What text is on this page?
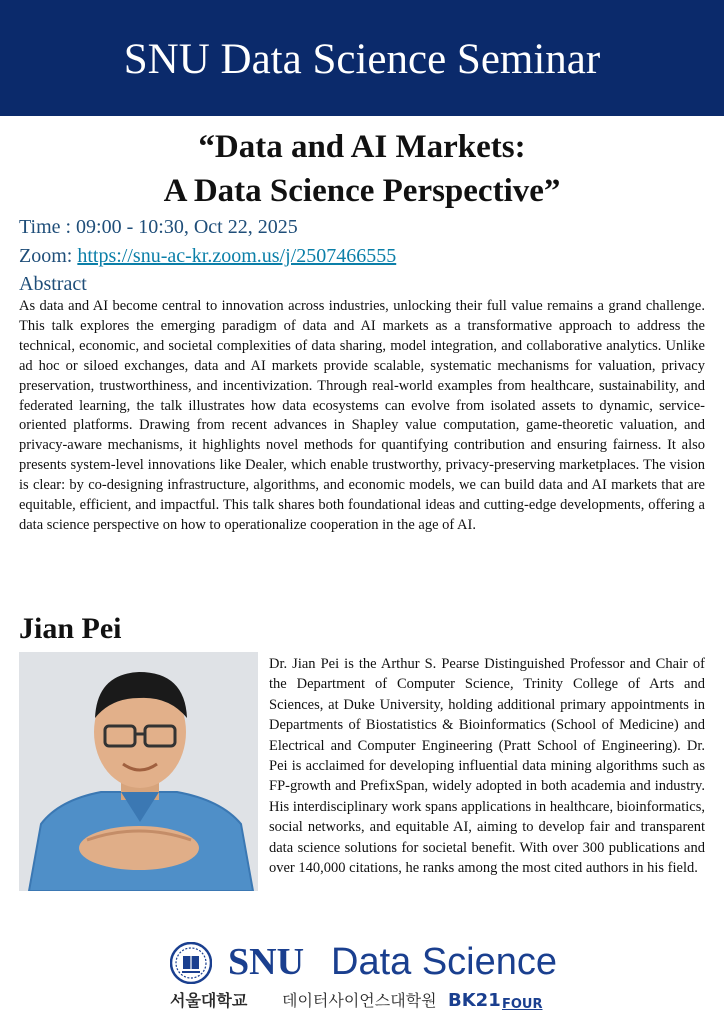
SNU Data Science Seminar
“Data and AI Markets:
A Data Science Perspective”
Time : 09:00 - 10:30, Oct 22, 2025
Zoom: https://snu-ac-kr.zoom.us/j/2507466555
Abstract

As data and AI become central to innovation across industries, unlocking their full value remains a grand challenge. This talk explores the emerging paradigm of data and AI markets as a transformative approach to address the technical, economic, and societal complexities of data sharing, model integration, and collaborative analytics. Unlike ad hoc or siloed exchanges, data and AI markets provide scalable, systematic mechanisms for valuation, privacy preservation, trustworthiness, and incentivization. Through real-world examples from healthcare, sustainability, and federated learning, the talk illustrates how data ecosystems can evolve from isolated assets to dynamic, service-oriented platforms. Drawing from recent advances in Shapley value computation, game-theoretic valuation, and privacy-aware mechanisms, it highlights novel methods for quantifying contribution and ensuring fairness. It also presents system-level innovations like Dealer, which enable trustworthy, privacy-preserving marketplaces. The vision is clear: by co-designing infrastructure, algorithms, and economic models, we can build data and AI markets that are equitable, efficient, and impactful. This talk shares both foundational ideas and cutting-edge developments, offering a data science perspective on how to operationalize cooperation in the age of AI.

Jian Pei

Dr. Jian Pei is the Arthur S. Pearse Distinguished Professor and Chair of the Department of Computer Science, Trinity College of Arts and Sciences, at Duke University, holding additional primary appointments in Departments of Biostatistics & Bioinformatics (School of Medicine) and Electrical and Computer Engineering (Pratt School of Engineering). Dr. Pei is acclaimed for developing influential data mining algorithms such as FP-growth and PrefixSpan, widely adopted in both academia and industry. His interdisciplinary work spans applications in healthcare, bioinformatics, social networks, and equitable AI, aiming to develop fair and transparent data science solutions for societal benefit. With over 300 publications and over 140,000 citations, he ranks among the most cited authors in his field.

SNU Data Science
서울대학교 데이터사이언스대학원 BK21 FOUR
